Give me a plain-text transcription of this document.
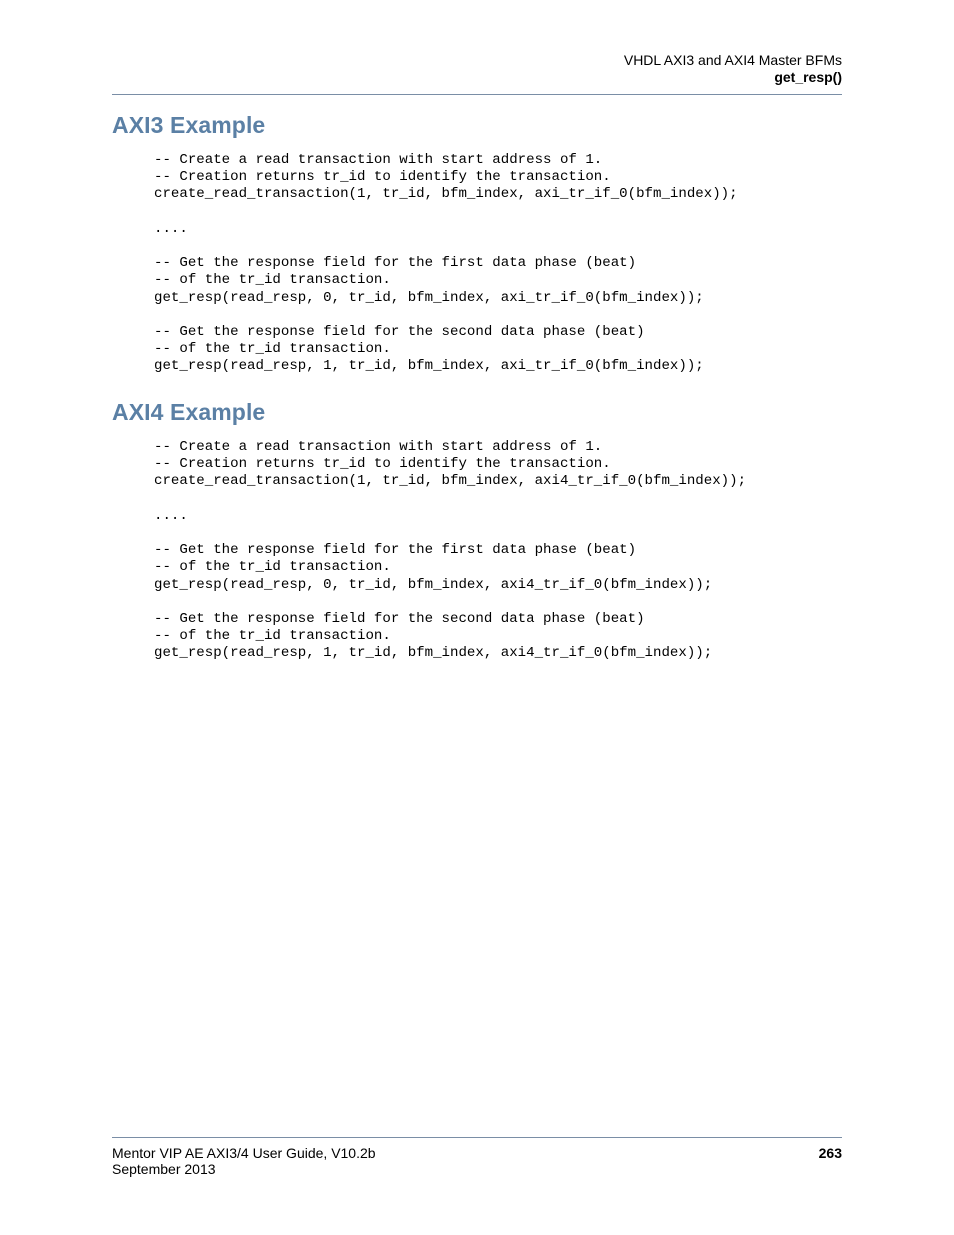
VHDL AXI3 and AXI4 Master BFMs
get_resp()
AXI3 Example
-- Create a read transaction with start address of 1.
-- Creation returns tr_id to identify the transaction.
create_read_transaction(1, tr_id, bfm_index, axi_tr_if_0(bfm_index));
....
-- Get the response field for the first data phase (beat)
-- of the tr_id transaction.
get_resp(read_resp, 0, tr_id, bfm_index, axi_tr_if_0(bfm_index));
-- Get the response field for the second data phase (beat)
-- of the tr_id transaction.
get_resp(read_resp, 1, tr_id, bfm_index, axi_tr_if_0(bfm_index));
AXI4 Example
-- Create a read transaction with start address of 1.
-- Creation returns tr_id to identify the transaction.
create_read_transaction(1, tr_id, bfm_index, axi4_tr_if_0(bfm_index));
....
-- Get the response field for the first data phase (beat)
-- of the tr_id transaction.
get_resp(read_resp, 0, tr_id, bfm_index, axi4_tr_if_0(bfm_index));
-- Get the response field for the second data phase (beat)
-- of the tr_id transaction.
get_resp(read_resp, 1, tr_id, bfm_index, axi4_tr_if_0(bfm_index));
Mentor VIP AE AXI3/4 User Guide, V10.2b
September 2013
263
